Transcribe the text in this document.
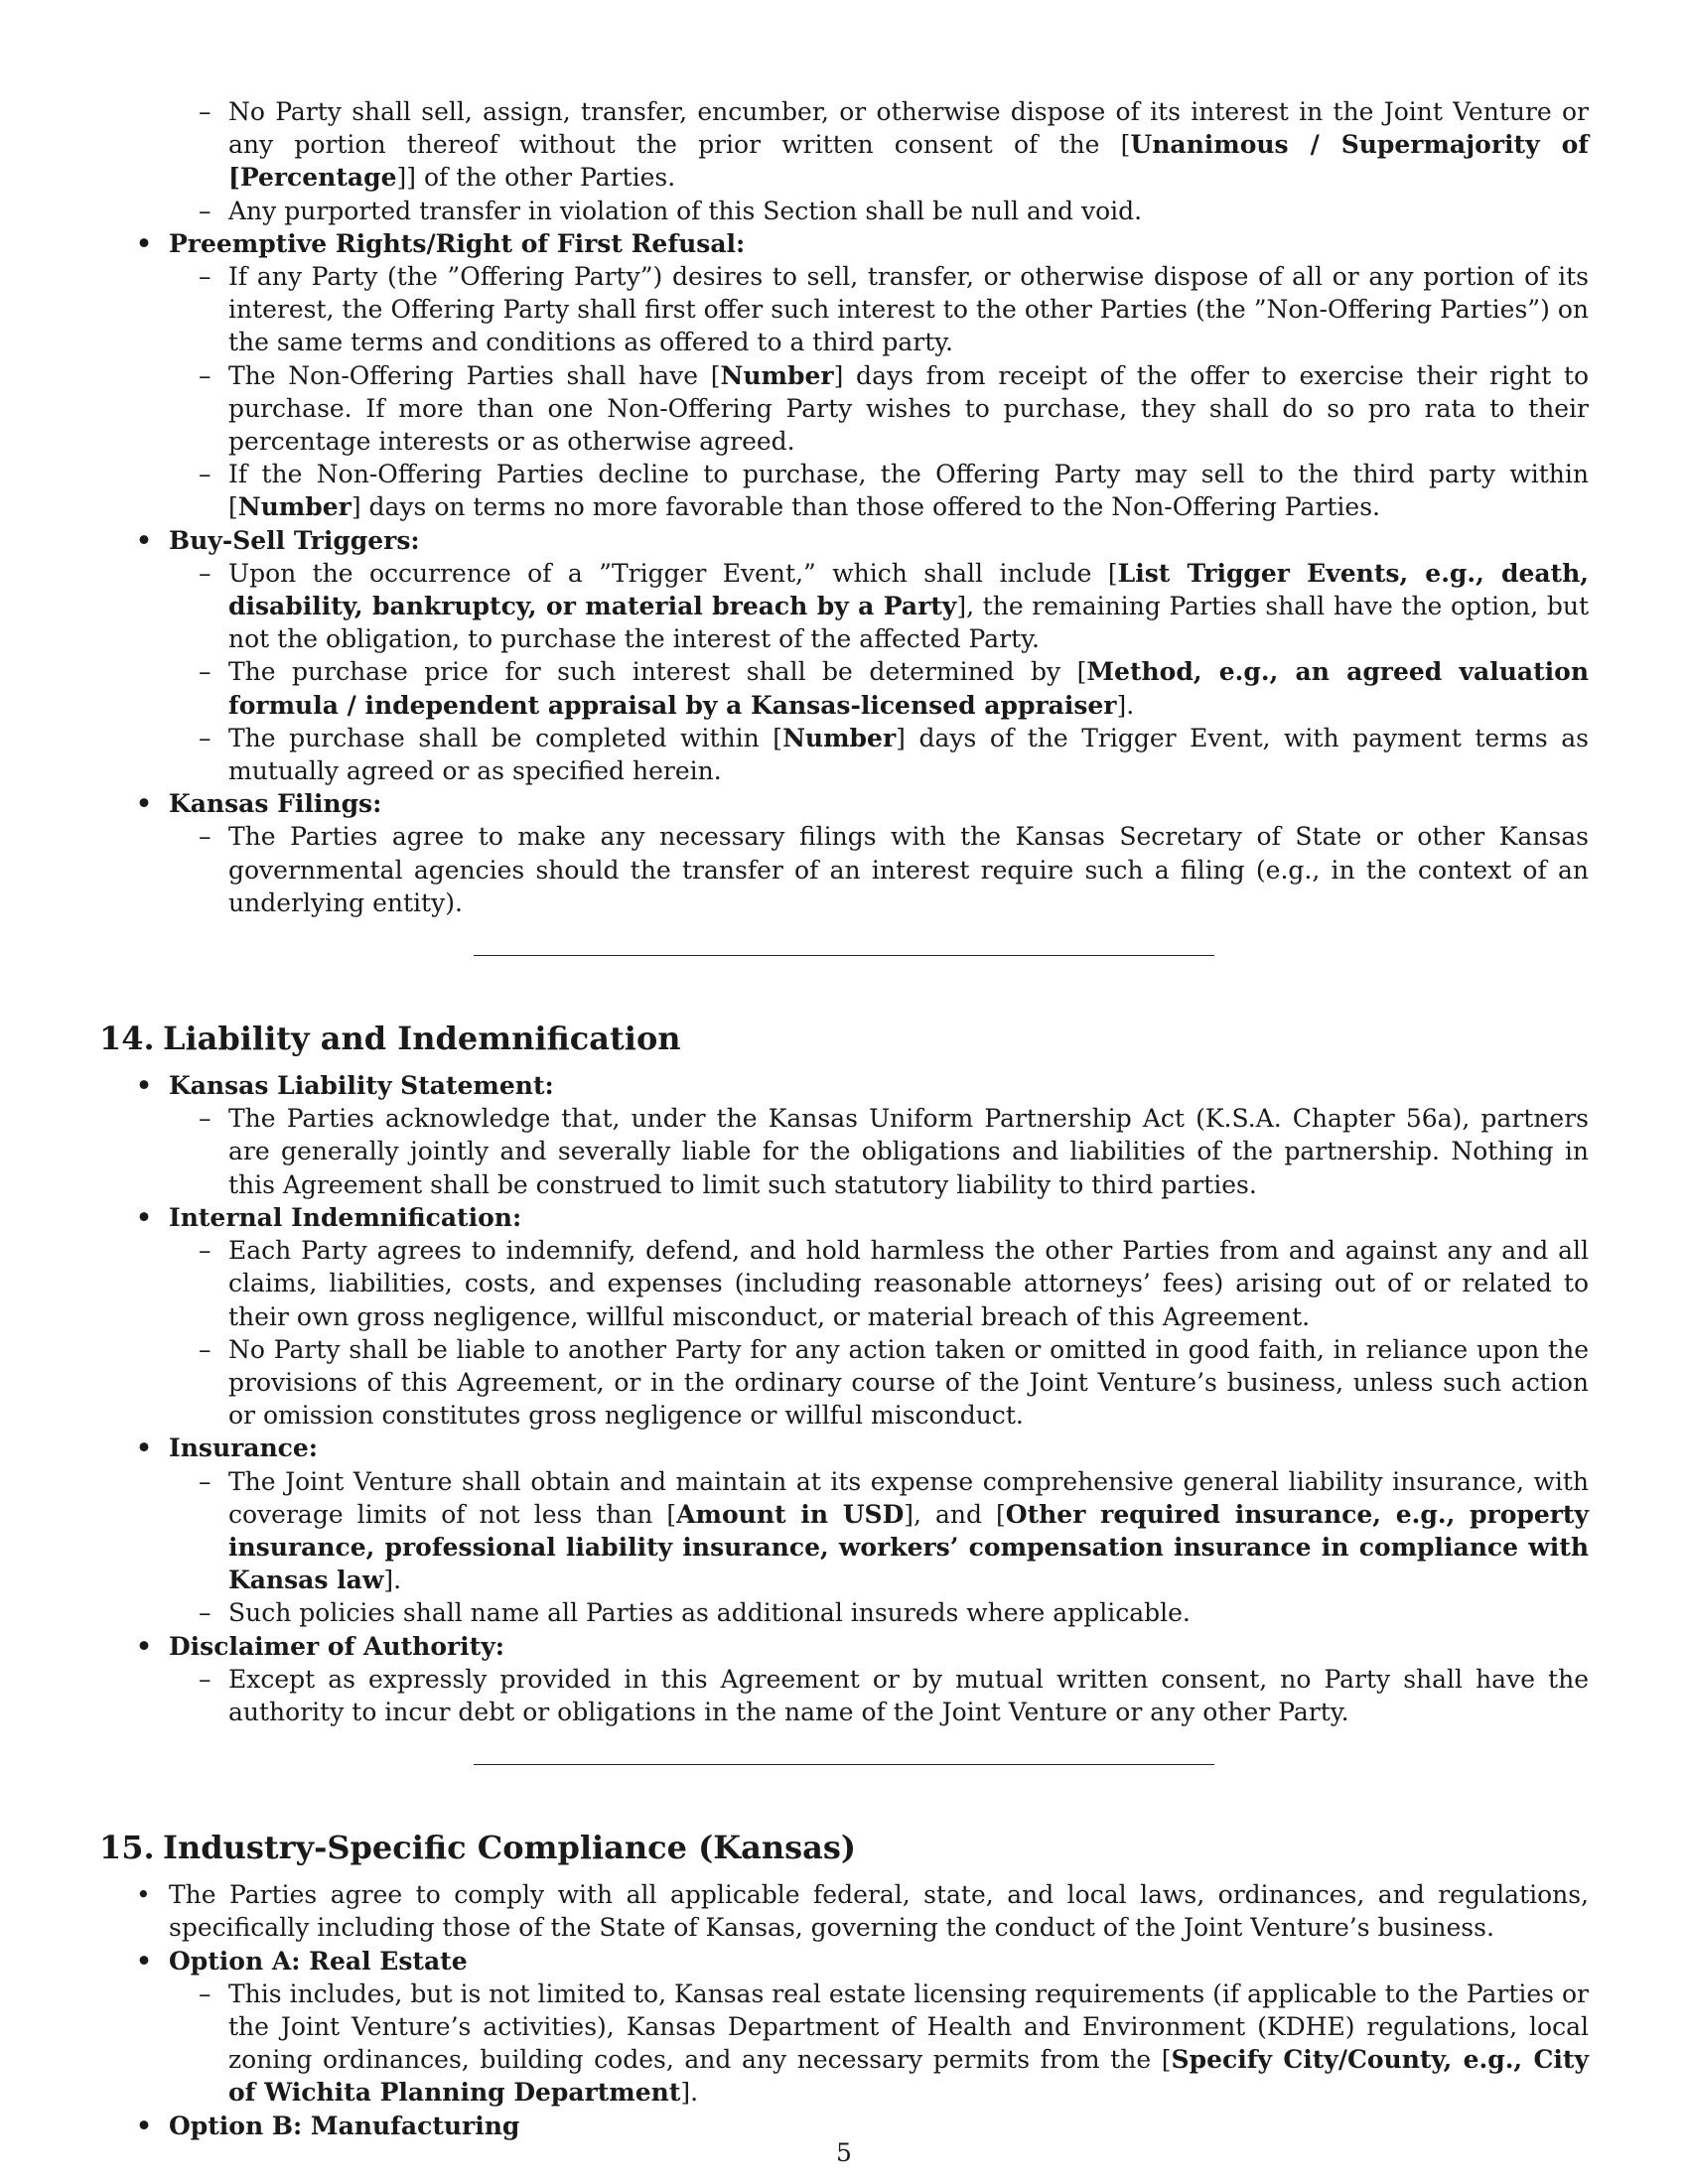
– No Party shall sell, assign, transfer, encumber, or otherwise dispose of its interest in the Joint Venture or any portion thereof without the prior written consent of the [Unanimous / Supermajority of [Percentage]] of the other Parties.
– Any purported transfer in violation of this Section shall be null and void.
• Preemptive Rights/Right of First Refusal:
– If any Party (the ”Offering Party”) desires to sell, transfer, or otherwise dispose of all or any portion of its interest, the Offering Party shall first offer such interest to the other Parties (the ”Non-Offering Parties”) on the same terms and conditions as offered to a third party.
– The Non-Offering Parties shall have [Number] days from receipt of the offer to exercise their right to purchase. If more than one Non-Offering Party wishes to purchase, they shall do so pro rata to their percentage interests or as otherwise agreed.
– If the Non-Offering Parties decline to purchase, the Offering Party may sell to the third party within [Number] days on terms no more favorable than those offered to the Non-Offering Parties.
• Buy-Sell Triggers:
– Upon the occurrence of a ”Trigger Event,” which shall include [List Trigger Events, e.g., death, disability, bankruptcy, or material breach by a Party], the remaining Parties shall have the option, but not the obligation, to purchase the interest of the affected Party.
– The purchase price for such interest shall be determined by [Method, e.g., an agreed valuation formula / independent appraisal by a Kansas-licensed appraiser].
– The purchase shall be completed within [Number] days of the Trigger Event, with payment terms as mutually agreed or as specified herein.
• Kansas Filings:
– The Parties agree to make any necessary filings with the Kansas Secretary of State or other Kansas governmental agencies should the transfer of an interest require such a filing (e.g., in the context of an underlying entity).
14. Liability and Indemnification
• Kansas Liability Statement:
– The Parties acknowledge that, under the Kansas Uniform Partnership Act (K.S.A. Chapter 56a), partners are generally jointly and severally liable for the obligations and liabilities of the partnership. Nothing in this Agreement shall be construed to limit such statutory liability to third parties.
• Internal Indemnification:
– Each Party agrees to indemnify, defend, and hold harmless the other Parties from and against any and all claims, liabilities, costs, and expenses (including reasonable attorneys’ fees) arising out of or related to their own gross negligence, willful misconduct, or material breach of this Agreement.
– No Party shall be liable to another Party for any action taken or omitted in good faith, in reliance upon the provisions of this Agreement, or in the ordinary course of the Joint Venture’s business, unless such action or omission constitutes gross negligence or willful misconduct.
• Insurance:
– The Joint Venture shall obtain and maintain at its expense comprehensive general liability insurance, with coverage limits of not less than [Amount in USD], and [Other required insurance, e.g., property insurance, professional liability insurance, workers’ compensation insurance in compliance with Kansas law].
– Such policies shall name all Parties as additional insureds where applicable.
• Disclaimer of Authority:
– Except as expressly provided in this Agreement or by mutual written consent, no Party shall have the authority to incur debt or obligations in the name of the Joint Venture or any other Party.
15. Industry-Specific Compliance (Kansas)
• The Parties agree to comply with all applicable federal, state, and local laws, ordinances, and regulations, specifically including those of the State of Kansas, governing the conduct of the Joint Venture’s business.
• Option A: Real Estate
– This includes, but is not limited to, Kansas real estate licensing requirements (if applicable to the Parties or the Joint Venture’s activities), Kansas Department of Health and Environment (KDHE) regulations, local zoning ordinances, building codes, and any necessary permits from the [Specify City/County, e.g., City of Wichita Planning Department].
• Option B: Manufacturing
5
